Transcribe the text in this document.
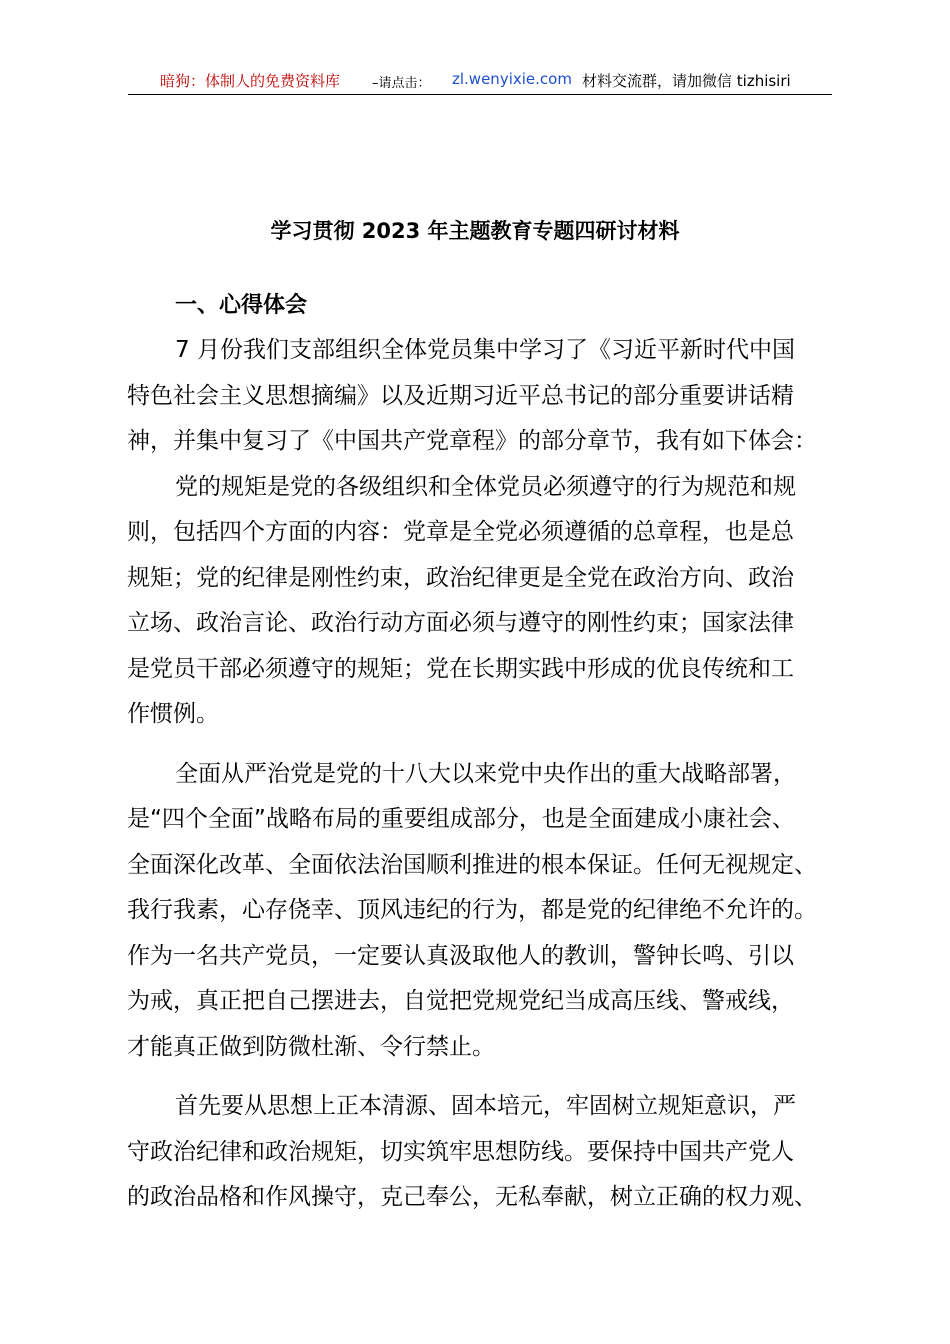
暗狗：体制人的免费资料库 –请点击： zl.wenyixie.com 材料交流群，请加微信 tizhisiri
学习贯彻 2023 年主题教育专题四研讨材料
一、心得体会
7 月份我们支部组织全体党员集中学习了《习近平新时代中国
特色社会主义思想摘编》以及近期习近平总书记的部分重要讲话精
神，并集中复习了《中国共产党章程》的部分章节，我有如下体会：
党的规矩是党的各级组织和全体党员必须遵守的行为规范和规
则，包括四个方面的内容：党章是全党必须遵循的总章程，也是总
规矩；党的纪律是刚性约束，政治纪律更是全党在政治方向、政治
立场、政治言论、政治行动方面必须与遵守的刚性约束；国家法律
是党员干部必须遵守的规矩；党在长期实践中形成的优良传统和工
作惯例。
全面从严治党是党的十八大以来党中央作出的重大战略部署，
是“四个全面”战略布局的重要组成部分，也是全面建成小康社会、
全面深化改革、全面依法治国顺利推进的根本保证。任何无视规定、
我行我素，心存侥幸、顶风违纪的行为，都是党的纪律绝不允许的。
作为一名共产党员，一定要认真汲取他人的教训，警钟长鸣、引以
为戒，真正把自己摆进去，自觉把党规党纪当成高压线、警戒线，
才能真正做到防微杜渐、令行禁止。
首先要从思想上正本清源、固本培元，牢固树立规矩意识，严
守政治纪律和政治规矩，切实筑牢思想防线。要保持中国共产党人
的政治品格和作风操守，克己奉公，无私奉献，树立正确的权力观、
